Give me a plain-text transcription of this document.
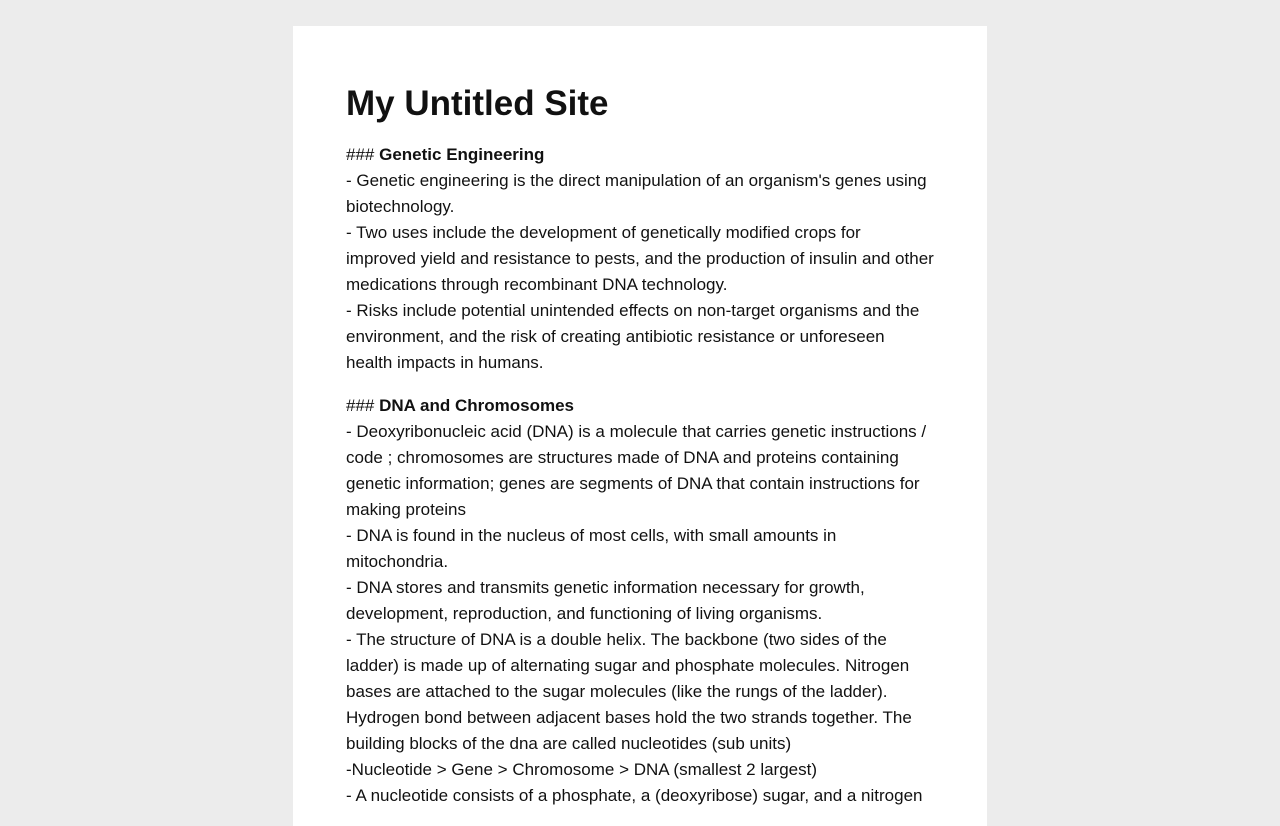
My Untitled Site

### Genetic Engineering

- Genetic engineering is the direct manipulation of an organism's genes using biotechnology.

- Two uses include the development of genetically modified crops for improved yield and resistance to pests, and the production of insulin and other medications through recombinant DNA technology.

- Risks include potential unintended effects on non-target organisms and the environment, and the risk of creating antibiotic resistance or unforeseen health impacts in humans.

### DNA and Chromosomes

- Deoxyribonucleic acid (DNA) is a molecule that carries genetic instructions / code ; chromosomes are structures made of DNA and proteins containing genetic information; genes are segments of DNA that contain instructions for making proteins

- DNA is found in the nucleus of most cells, with small amounts in mitochondria.

- DNA stores and transmits genetic information necessary for growth, development, reproduction, and functioning of living organisms.

- The structure of DNA is a double helix. The backbone (two sides of the ladder) is made up of alternating sugar and phosphate molecules. Nitrogen bases are attached to the sugar molecules (like the rungs of the ladder). Hydrogen bond between adjacent bases hold the two strands together. The building blocks of the dna are called nucleotides (sub units)

-Nucleotide > Gene > Chromosome > DNA (smallest 2 largest)

- A nucleotide consists of a phosphate, a (deoxyribose) sugar, and a nitrogen
